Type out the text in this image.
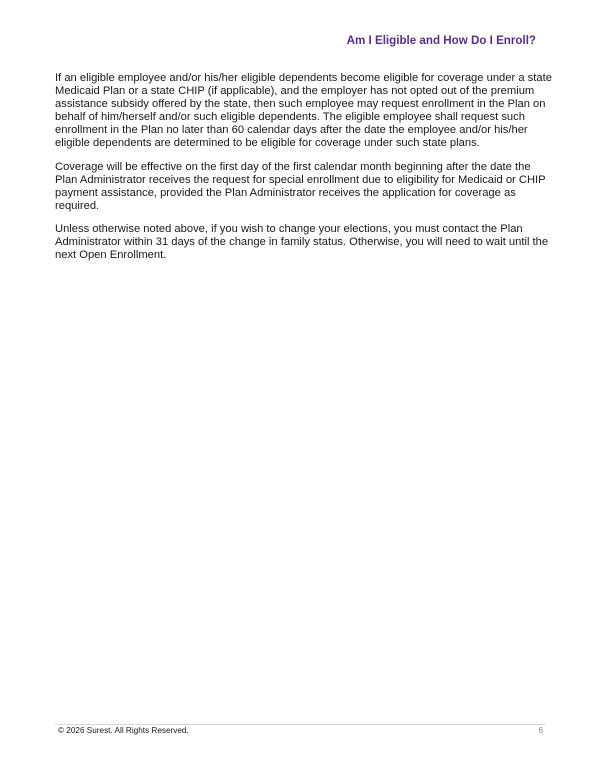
Am I Eligible and How Do I Enroll?

If an eligible employee and/or his/her eligible dependents become eligible for coverage under a state Medicaid Plan or a state CHIP (if applicable), and the employer has not opted out of the premium assistance subsidy offered by the state, then such employee may request enrollment in the Plan on behalf of him/herself and/or such eligible dependents. The eligible employee shall request such enrollment in the Plan no later than 60 calendar days after the date the employee and/or his/her eligible dependents are determined to be eligible for coverage under such state plans.

Coverage will be effective on the first day of the first calendar month beginning after the date the Plan Administrator receives the request for special enrollment due to eligibility for Medicaid or CHIP payment assistance, provided the Plan Administrator receives the application for coverage as required.

Unless otherwise noted above, if you wish to change your elections, you must contact the Plan Administrator within 31 days of the change in family status. Otherwise, you will need to wait until the next Open Enrollment.

© 2026 Surest. All Rights Reserved.	6
